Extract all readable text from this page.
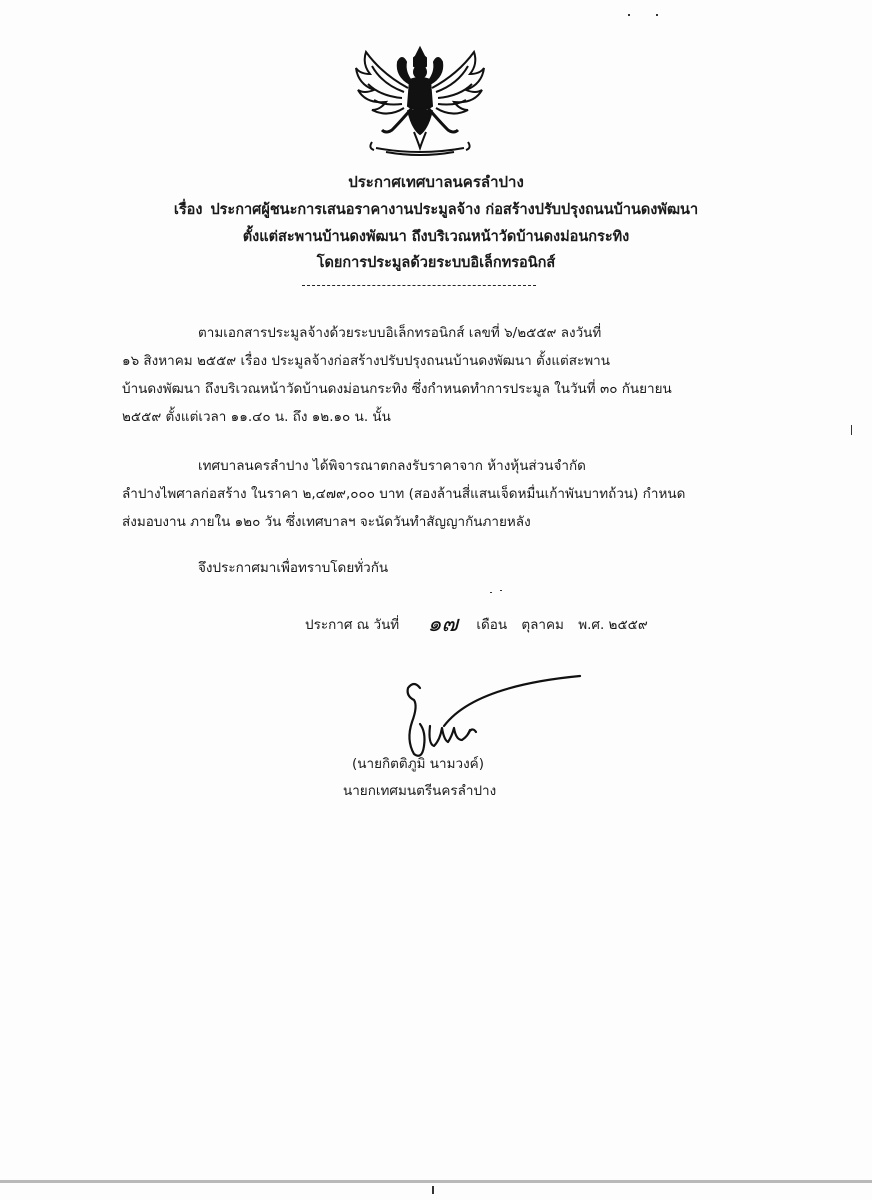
ประกาศเทศบาลนครลำปาง
เรื่อง ประกาศผู้ชนะการเสนอราคางานประมูลจ้าง ก่อสร้างปรับปรุงถนนบ้านดงพัฒนา
ตั้งแต่สะพานบ้านดงพัฒนา ถึงบริเวณหน้าวัดบ้านดงม่อนกระทิง
โดยการประมูลด้วยระบบอิเล็กทรอนิกส์
ตามเอกสารประมูลจ้างด้วยระบบอิเล็กทรอนิกส์ เลขที่ ๖/๒๕๕๙ ลงวันที่
๑๖ สิงหาคม ๒๕๕๙ เรื่อง ประมูลจ้างก่อสร้างปรับปรุงถนนบ้านดงพัฒนา ตั้งแต่สะพาน
บ้านดงพัฒนา ถึงบริเวณหน้าวัดบ้านดงม่อนกระทิง ซึ่งกำหนดทำการประมูล ในวันที่ ๓๐ กันยายน
๒๕๕๙ ตั้งแต่เวลา ๑๑.๔๐ น. ถึง ๑๒.๑๐ น. นั้น
เทศบาลนครลำปาง ได้พิจารณาตกลงรับราคาจาก ห้างหุ้นส่วนจำกัด
ลำปางไพศาลก่อสร้าง ในราคา ๒,๔๗๙,๐๐๐ บาท (สองล้านสี่แสนเจ็ดหมื่นเก้าพันบาทถ้วน) กำหนด
ส่งมอบงาน ภายใน ๑๒๐ วัน ซึ่งเทศบาลฯ จะนัดวันทำสัญญากันภายหลัง
จึงประกาศมาเพื่อทราบโดยทั่วกัน
ประกาศ ณ วันที่ ๑๗ เดือน ตุลาคม พ.ศ. ๒๕๕๙
(นายกิตติภูมิ นามวงค์)
นายกเทศมนตรีนครลำปาง
